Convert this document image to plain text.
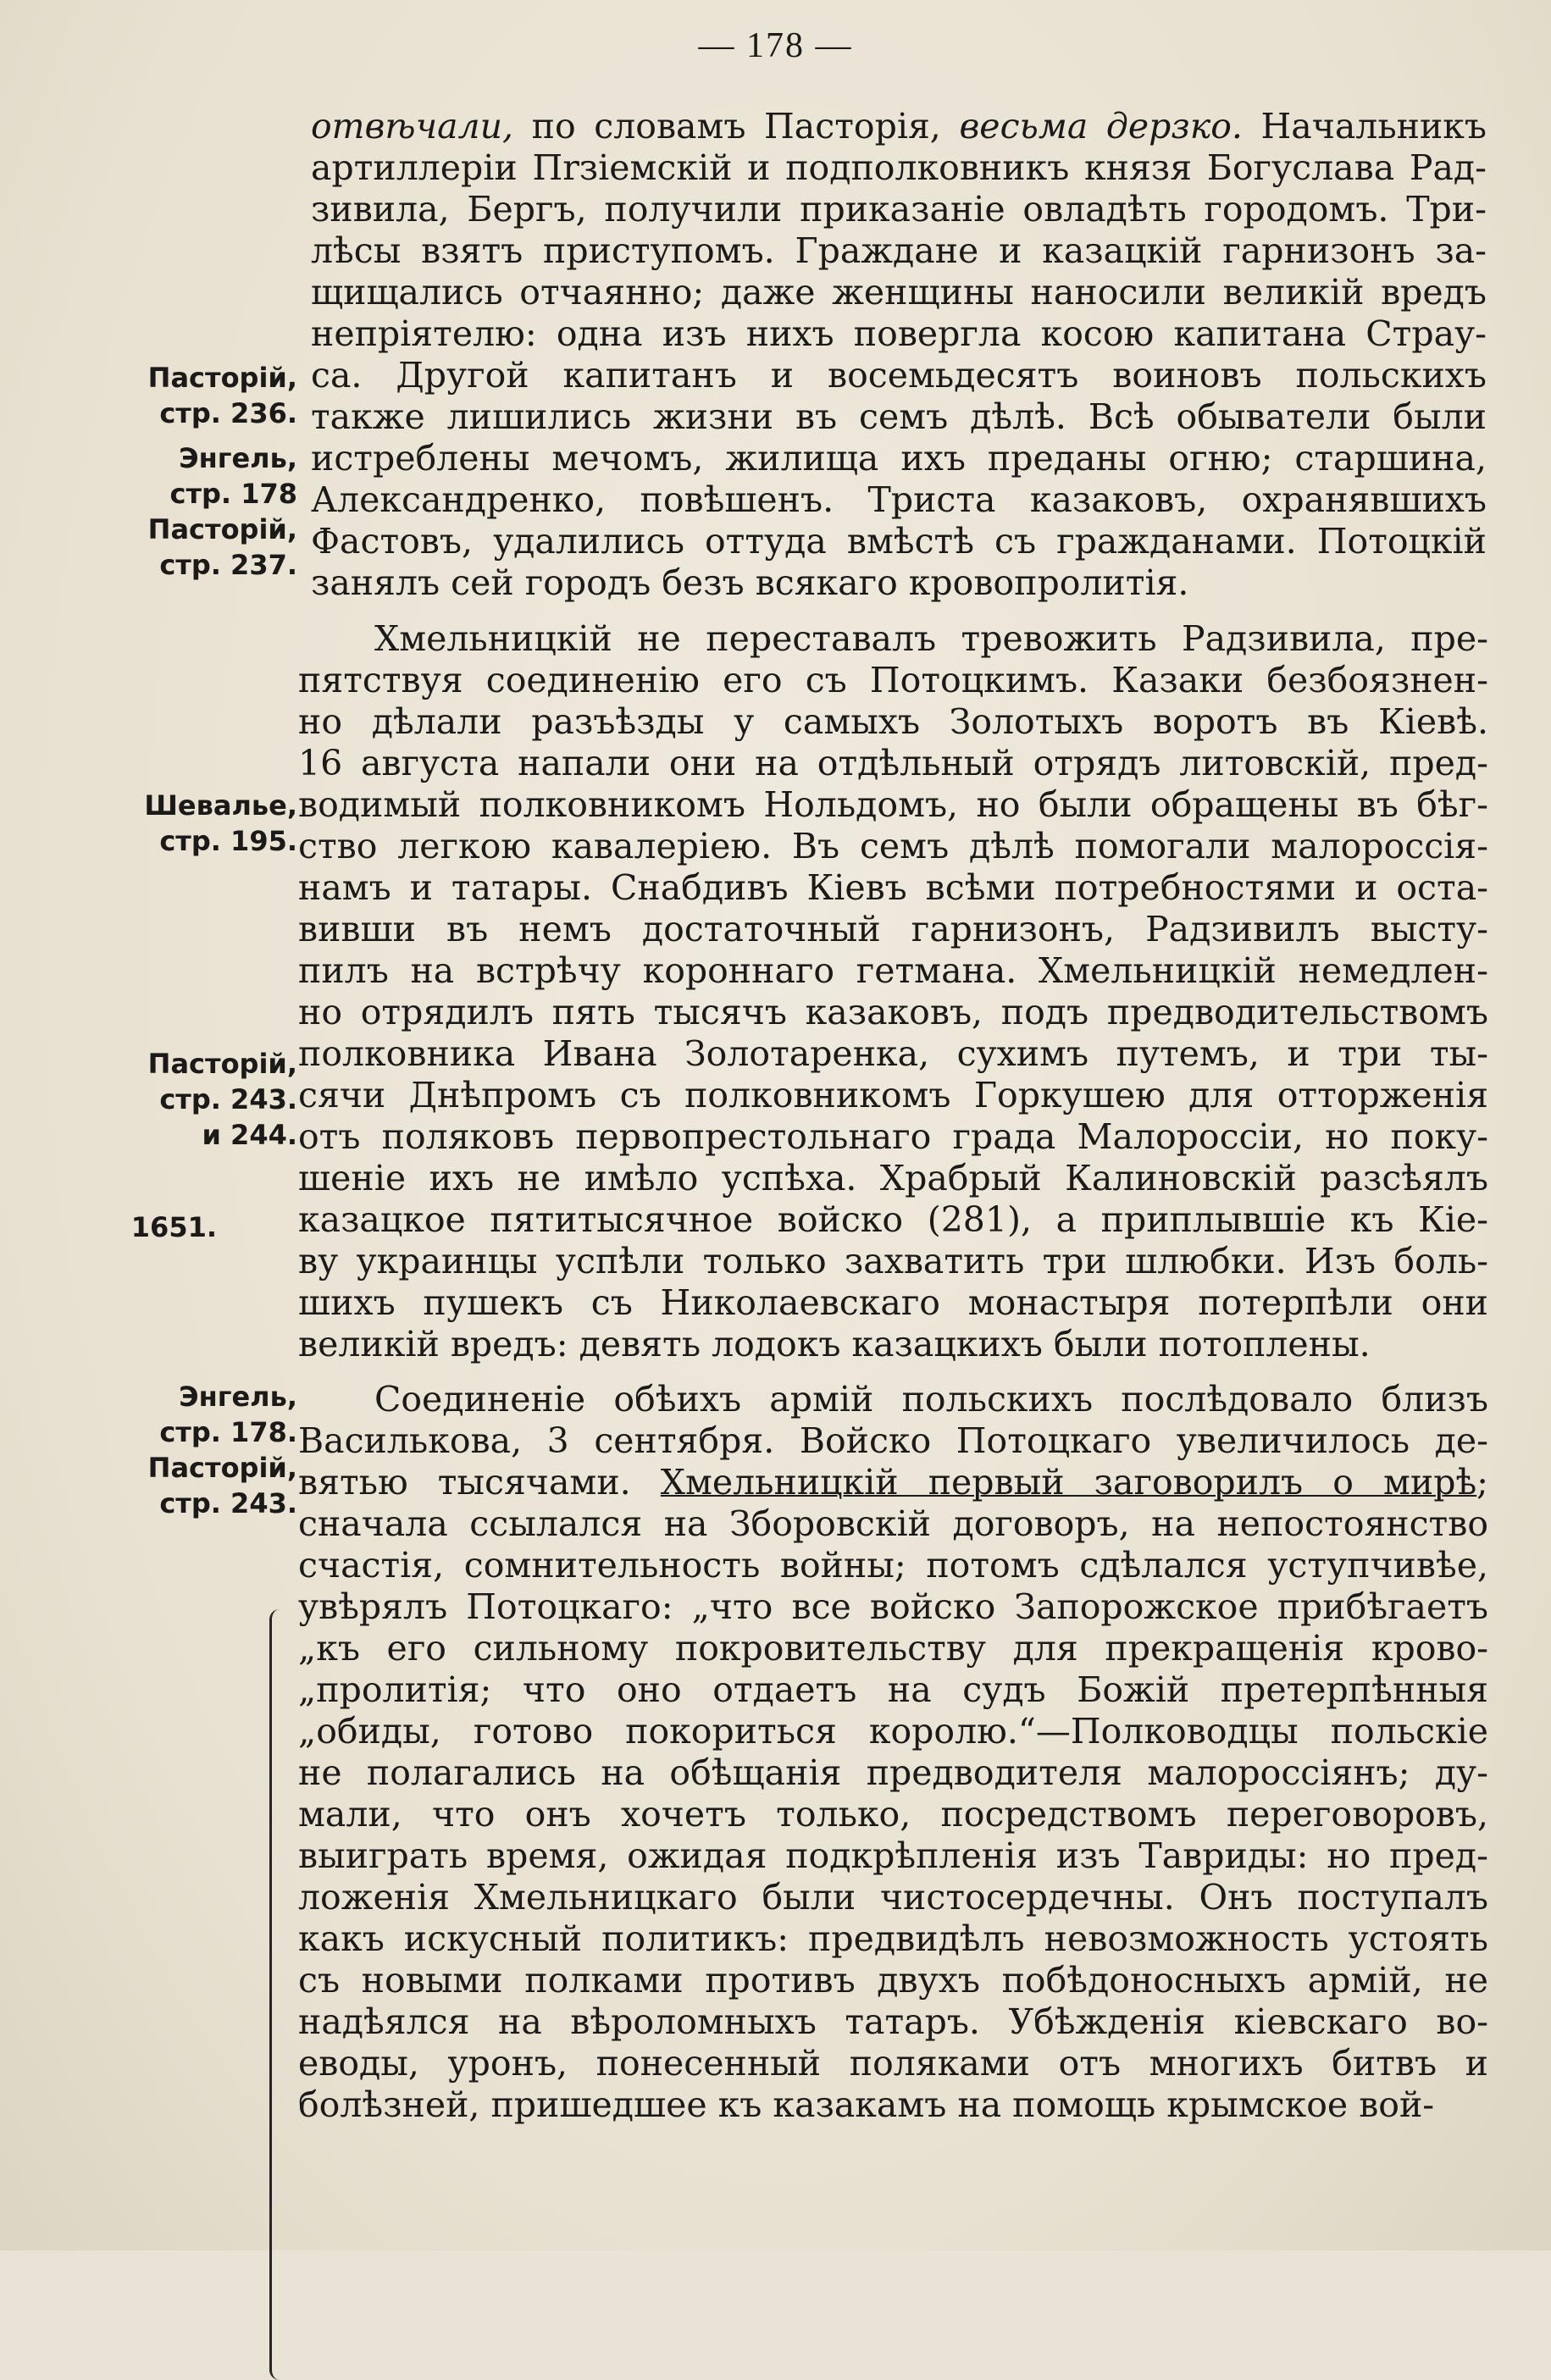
— 178 —
отвѣчали, по словамъ Пасторія, весьма дерзко. Начальникъ
артиллеріи Пrзіемскій и подполковникъ князя Богуслава Рад-
зивила, Бергъ, получили приказаніе овладѣть городомъ. Три-
лѣсы взятъ приступомъ. Граждане и казацкій гарнизонъ за-
щищались отчаянно; даже женщины наносили великій вредъ
непріятелю: одна изъ нихъ повергла косою капитана Страу-
са. Другой капитанъ и восемьдесятъ воиновъ польскихъ
также лишились жизни въ семъ дѣлѣ. Всѣ обыватели были
истреблены мечомъ, жилища ихъ преданы огню; старшина,
Александренко, повѣшенъ. Триста казаковъ, охранявшихъ
Фастовъ, удалились оттуда вмѣстѣ съ гражданами. Потоцкій
занялъ сей городъ безъ всякаго кровопролитія.
Хмельницкій не переставалъ тревожить Радзивила, пре-
пятствуя соединенію его съ Потоцкимъ. Казаки безбоязнен-
но дѣлали разъѣзды у самыхъ Золотыхъ воротъ въ Кіевѣ.
16 августа напали они на отдѣльный отрядъ литовскій, пред-
водимый полковникомъ Нольдомъ, но были обращены въ бѣг-
ство легкою кавалеріею. Въ семъ дѣлѣ помогали малороссія-
намъ и татары. Снабдивъ Кіевъ всѣми потребностями и оста-
вивши въ немъ достаточный гарнизонъ, Радзивилъ высту-
пилъ на встрѣчу короннаго гетмана. Хмельницкій немедлен-
но отрядилъ пять тысячъ казаковъ, подъ предводительствомъ
полковника Ивана Золотаренка, сухимъ путемъ, и три ты-
сячи Днѣпромъ съ полковникомъ Горкушею для отторженія
отъ поляковъ первопрестольнаго града Малороссіи, но поку-
шеніе ихъ не имѣло успѣха. Храбрый Калиновскій разсѣялъ
казацкое пятитысячное войско (281), а приплывшіе къ Кіе-
ву украинцы успѣли только захватить три шлюбки. Изъ боль-
шихъ пушекъ съ Николаевскаго монастыря потерпѣли они
великій вредъ: девять лодокъ казацкихъ были потоплены.
Соединеніе обѣихъ армій польскихъ послѣдовало близъ
Василькова, 3 сентября. Войско Потоцкаго увеличилось де-
вятью тысячами. Хмельницкій первый заговорилъ о мирѣ;
сначала ссылался на Зборовскій договоръ, на непостоянство
счастія, сомнительность войны; потомъ сдѣлался уступчивѣе,
увѣрялъ Потоцкаго: „что все войско Запорожское прибѣгаетъ
„къ его сильному покровительству для прекращенія крово-
„пролитія; что оно отдаетъ на судъ Божій претерпѣнныя
„обиды, готово покориться королю.“—Полководцы польскіе
не полагались на обѣщанія предводителя малороссіянъ; ду-
мали, что онъ хочетъ только, посредствомъ переговоровъ,
выиграть время, ожидая подкрѣпленія изъ Тавриды: но пред-
ложенія Хмельницкаго были чистосердечны. Онъ поступалъ
какъ искусный политикъ: предвидѣлъ невозможность устоять
съ новыми полками противъ двухъ побѣдоносныхъ армій, не
надѣялся на вѣроломныхъ татаръ. Убѣжденія кіевскаго во-
еводы, уронъ, понесенный поляками отъ многихъ битвъ и
болѣзней, пришедшее къ казакамъ на помощь крымское вой-
Пасторій,
стр. 236.
Энгель,
стр. 178
Пасторій,
стр. 237.
Шевалье,
стр. 195.
Пасторій,
стр. 243.
и 244.
1651.
Энгель,
стр. 178.
Пасторій,
стр. 243.
